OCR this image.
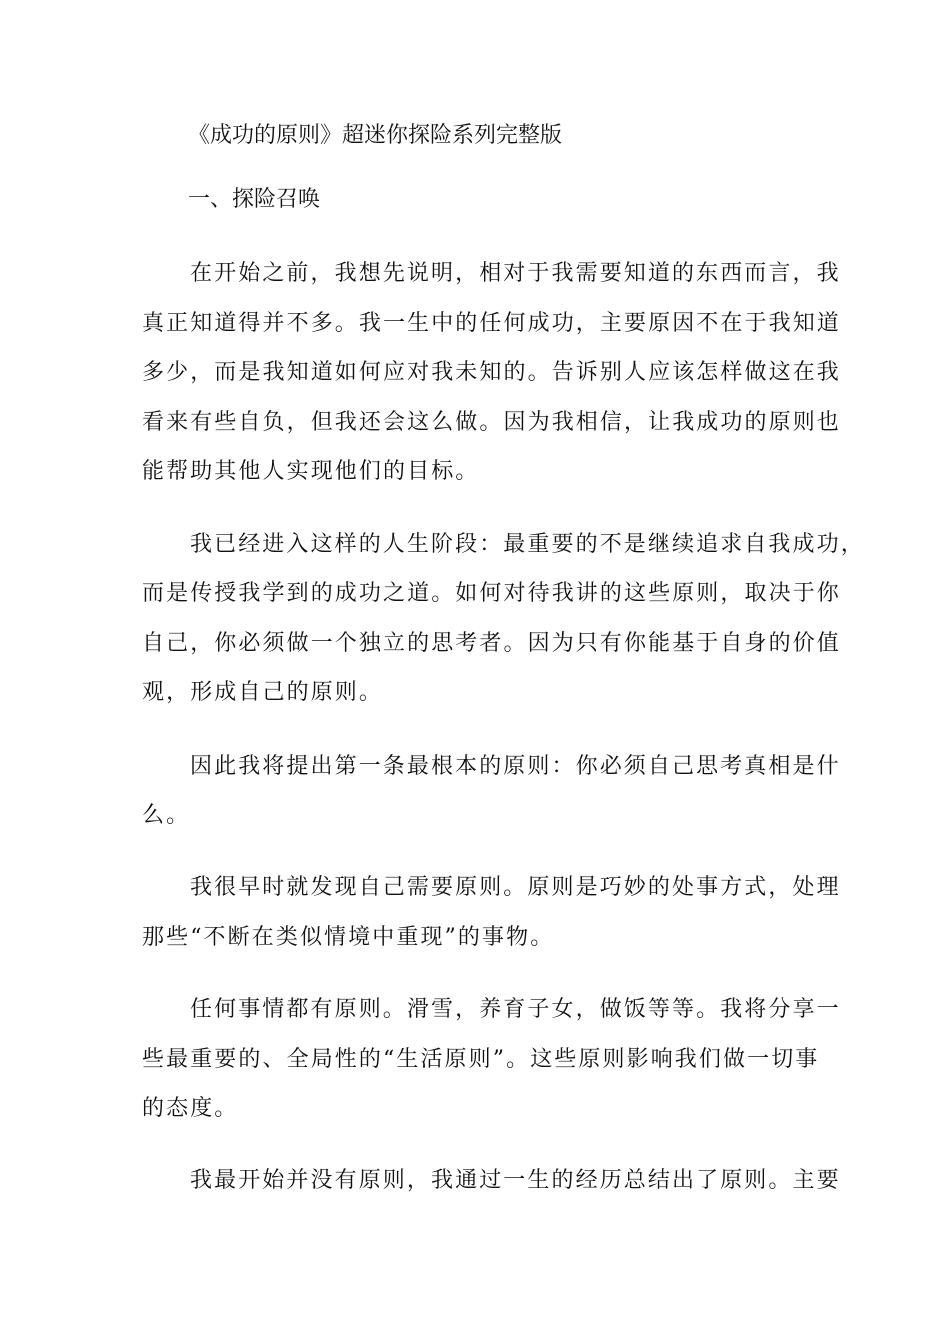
《成功的原则》超迷你探险系列完整版
一、探险召唤
在开始之前，我想先说明，相对于我需要知道的东西而言，我
真正知道得并不多。我一生中的任何成功，主要原因不在于我知道
多少，而是我知道如何应对我未知的。告诉别人应该怎样做这在我
看来有些自负，但我还会这么做。因为我相信，让我成功的原则也
能帮助其他人实现他们的目标。
我已经进入这样的人生阶段：最重要的不是继续追求自我成功，
而是传授我学到的成功之道。如何对待我讲的这些原则，取决于你
自己，你必须做一个独立的思考者。因为只有你能基于自身的价值
观，形成自己的原则。
因此我将提出第一条最根本的原则：你必须自己思考真相是什
么。
我很早时就发现自己需要原则。原则是巧妙的处事方式，处理
那些“不断在类似情境中重现”的事物。
任何事情都有原则。滑雪，养育子女，做饭等等。我将分享一
些最重要的、全局性的“生活原则”。这些原则影响我们做一切事
的态度。
我最开始并没有原则，我通过一生的经历总结出了原则。主要
